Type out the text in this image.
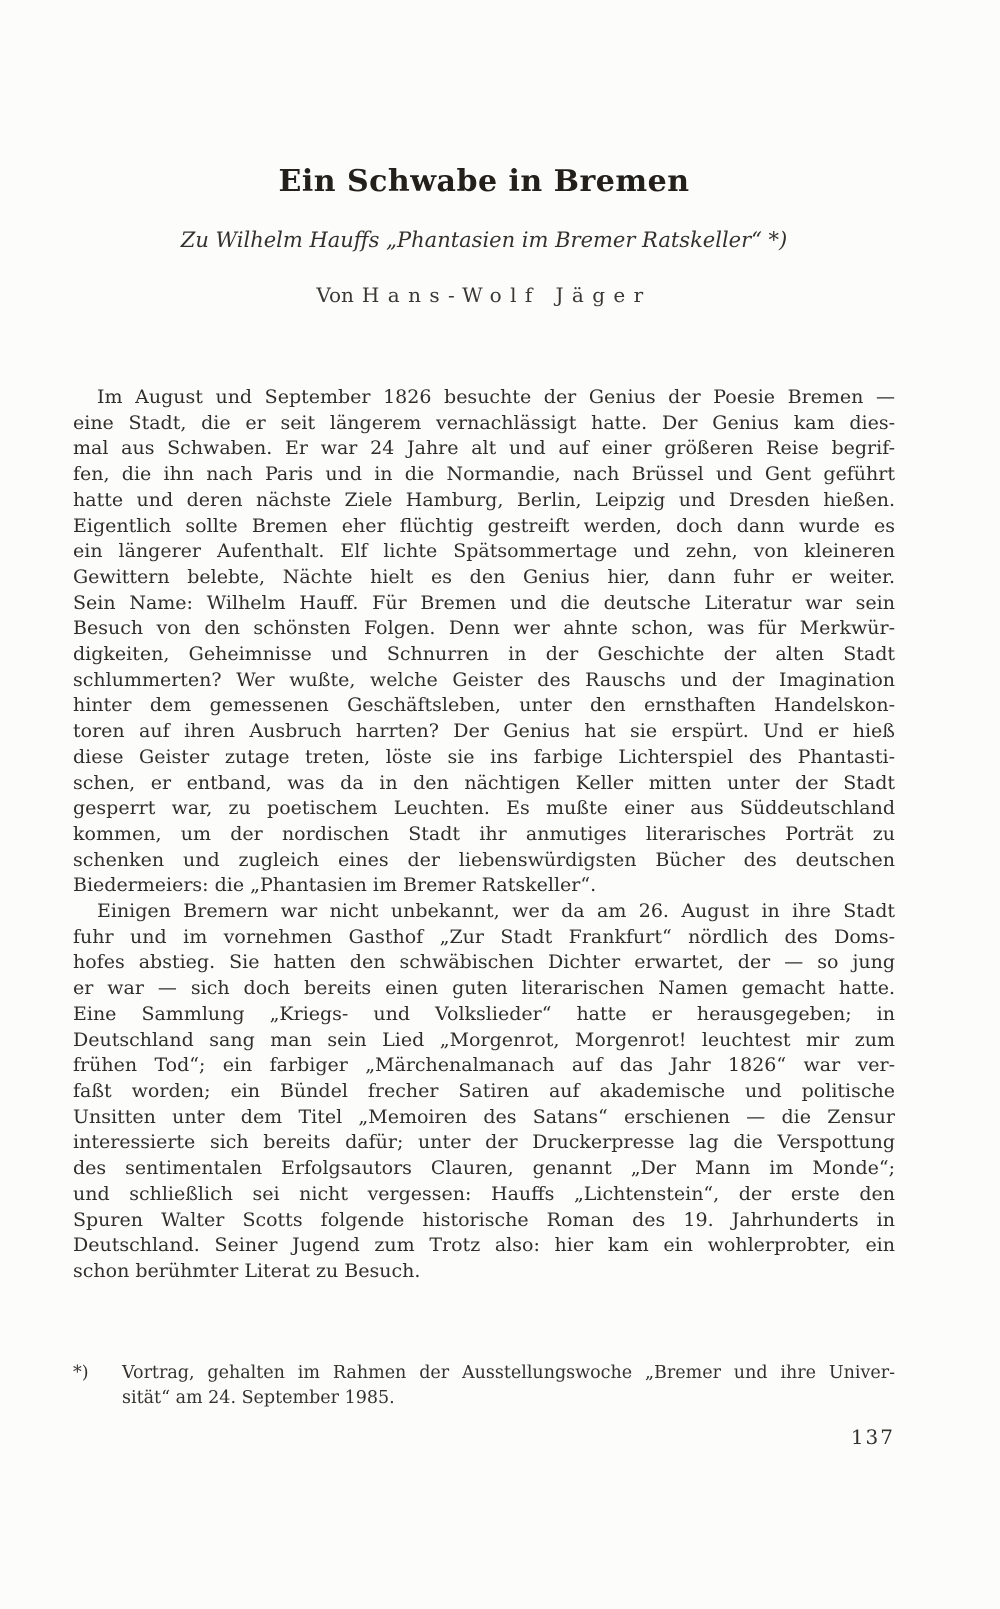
Ein Schwabe in Bremen
Zu Wilhelm Hauffs „Phantasien im Bremer Ratskeller“ *)
Von Hans-Wolf Jäger
Im August und September 1826 besuchte der Genius der Poesie Bremen —
eine Stadt, die er seit längerem vernachlässigt hatte. Der Genius kam dies-
mal aus Schwaben. Er war 24 Jahre alt und auf einer größeren Reise begrif-
fen, die ihn nach Paris und in die Normandie, nach Brüssel und Gent geführt
hatte und deren nächste Ziele Hamburg, Berlin, Leipzig und Dresden hießen.
Eigentlich sollte Bremen eher flüchtig gestreift werden, doch dann wurde es
ein längerer Aufenthalt. Elf lichte Spätsommertage und zehn, von kleineren
Gewittern belebte, Nächte hielt es den Genius hier, dann fuhr er weiter.
Sein Name: Wilhelm Hauff. Für Bremen und die deutsche Literatur war sein
Besuch von den schönsten Folgen. Denn wer ahnte schon, was für Merkwür-
digkeiten, Geheimnisse und Schnurren in der Geschichte der alten Stadt
schlummerten? Wer wußte, welche Geister des Rauschs und der Imagination
hinter dem gemessenen Geschäftsleben, unter den ernsthaften Handelskon-
toren auf ihren Ausbruch harrten? Der Genius hat sie erspürt. Und er hieß
diese Geister zutage treten, löste sie ins farbige Lichterspiel des Phantasti-
schen, er entband, was da in den nächtigen Keller mitten unter der Stadt
gesperrt war, zu poetischem Leuchten. Es mußte einer aus Süddeutschland
kommen, um der nordischen Stadt ihr anmutiges literarisches Porträt zu
schenken und zugleich eines der liebenswürdigsten Bücher des deutschen
Biedermeiers: die „Phantasien im Bremer Ratskeller“.
Einigen Bremern war nicht unbekannt, wer da am 26. August in ihre Stadt
fuhr und im vornehmen Gasthof „Zur Stadt Frankfurt“ nördlich des Doms-
hofes abstieg. Sie hatten den schwäbischen Dichter erwartet, der — so jung
er war — sich doch bereits einen guten literarischen Namen gemacht hatte.
Eine Sammlung „Kriegs- und Volkslieder“ hatte er herausgegeben; in
Deutschland sang man sein Lied „Morgenrot, Morgenrot! leuchtest mir zum
frühen Tod“; ein farbiger „Märchenalmanach auf das Jahr 1826“ war ver-
faßt worden; ein Bündel frecher Satiren auf akademische und politische
Unsitten unter dem Titel „Memoiren des Satans“ erschienen — die Zensur
interessierte sich bereits dafür; unter der Druckerpresse lag die Verspottung
des sentimentalen Erfolgsautors Clauren, genannt „Der Mann im Monde“;
und schließlich sei nicht vergessen: Hauffs „Lichtenstein“, der erste den
Spuren Walter Scotts folgende historische Roman des 19. Jahrhunderts in
Deutschland. Seiner Jugend zum Trotz also: hier kam ein wohlerprobter, ein
schon berühmter Literat zu Besuch.
*)	Vortrag, gehalten im Rahmen der Ausstellungswoche „Bremer und ihre Univer-
sität“ am 24. September 1985.
137
